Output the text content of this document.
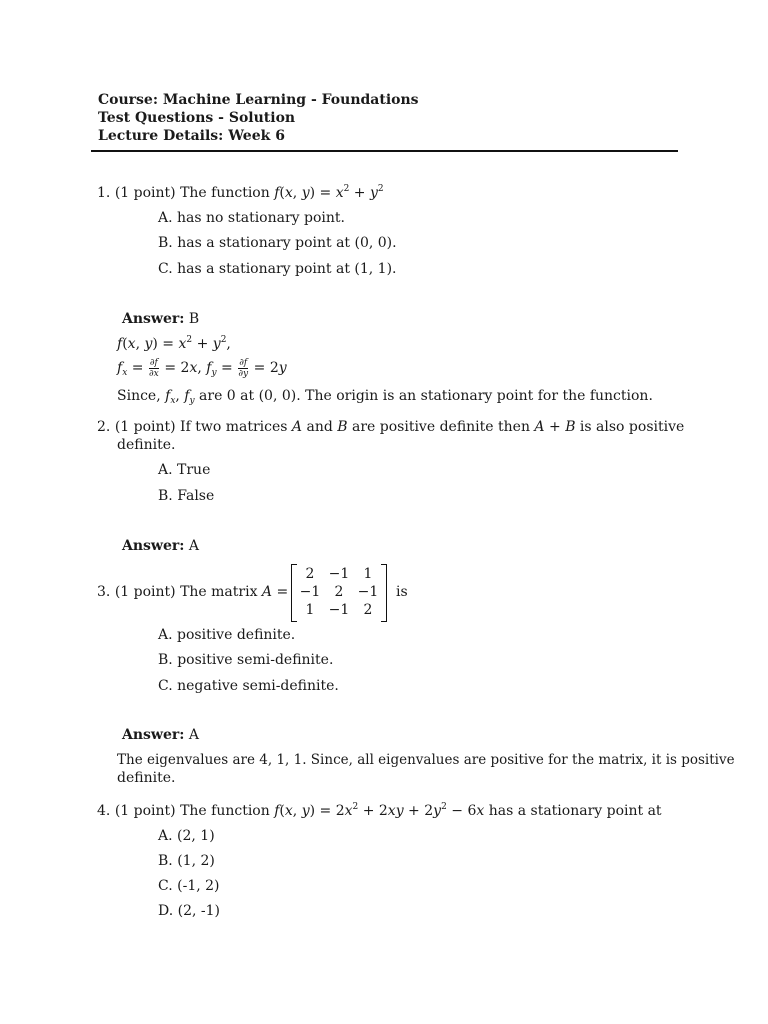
Course: Machine Learning - Foundations
Test Questions - Solution
Lecture Details: Week 6
1. (1 point) The function f(x, $y) = x^2 + y^2$
A. has no stationary point.
B. has a stationary point at (0, 0).
C. has a stationary point at (1, 1).
Answer: B
f(x, $y) = x^2 + y^2$,
$f_x = \frac{\partial f}{\partial x} = 2x$, $f_y = \frac{\partial f}{\partial y} = 2y$
Since, $f_x$, $f_y$ are 0 at (0, 0). The origin is an stationary point for the function.
2. (1 point) If two matrices A and B are positive definite then A + B is also positive
definite.
A. True
B. False
Answer: A
3. (1 point) The matrix A =
2	−1	1
−1	2	−1
1	−1	2
is
A. positive definite.
B. positive semi-definite.
C. negative semi-definite.
Answer: A
The eigenvalues are 4, 1, 1. Since, all eigenvalues are positive for the matrix, it is positive
definite.
4. (1 point) The function f(x, $y) = 2x^2 + 2xy + 2y^2 - 6x$ has a stationary point at
A. (2, 1)
B. (1, 2)
C. (-1, 2)
D. (2, -1)
